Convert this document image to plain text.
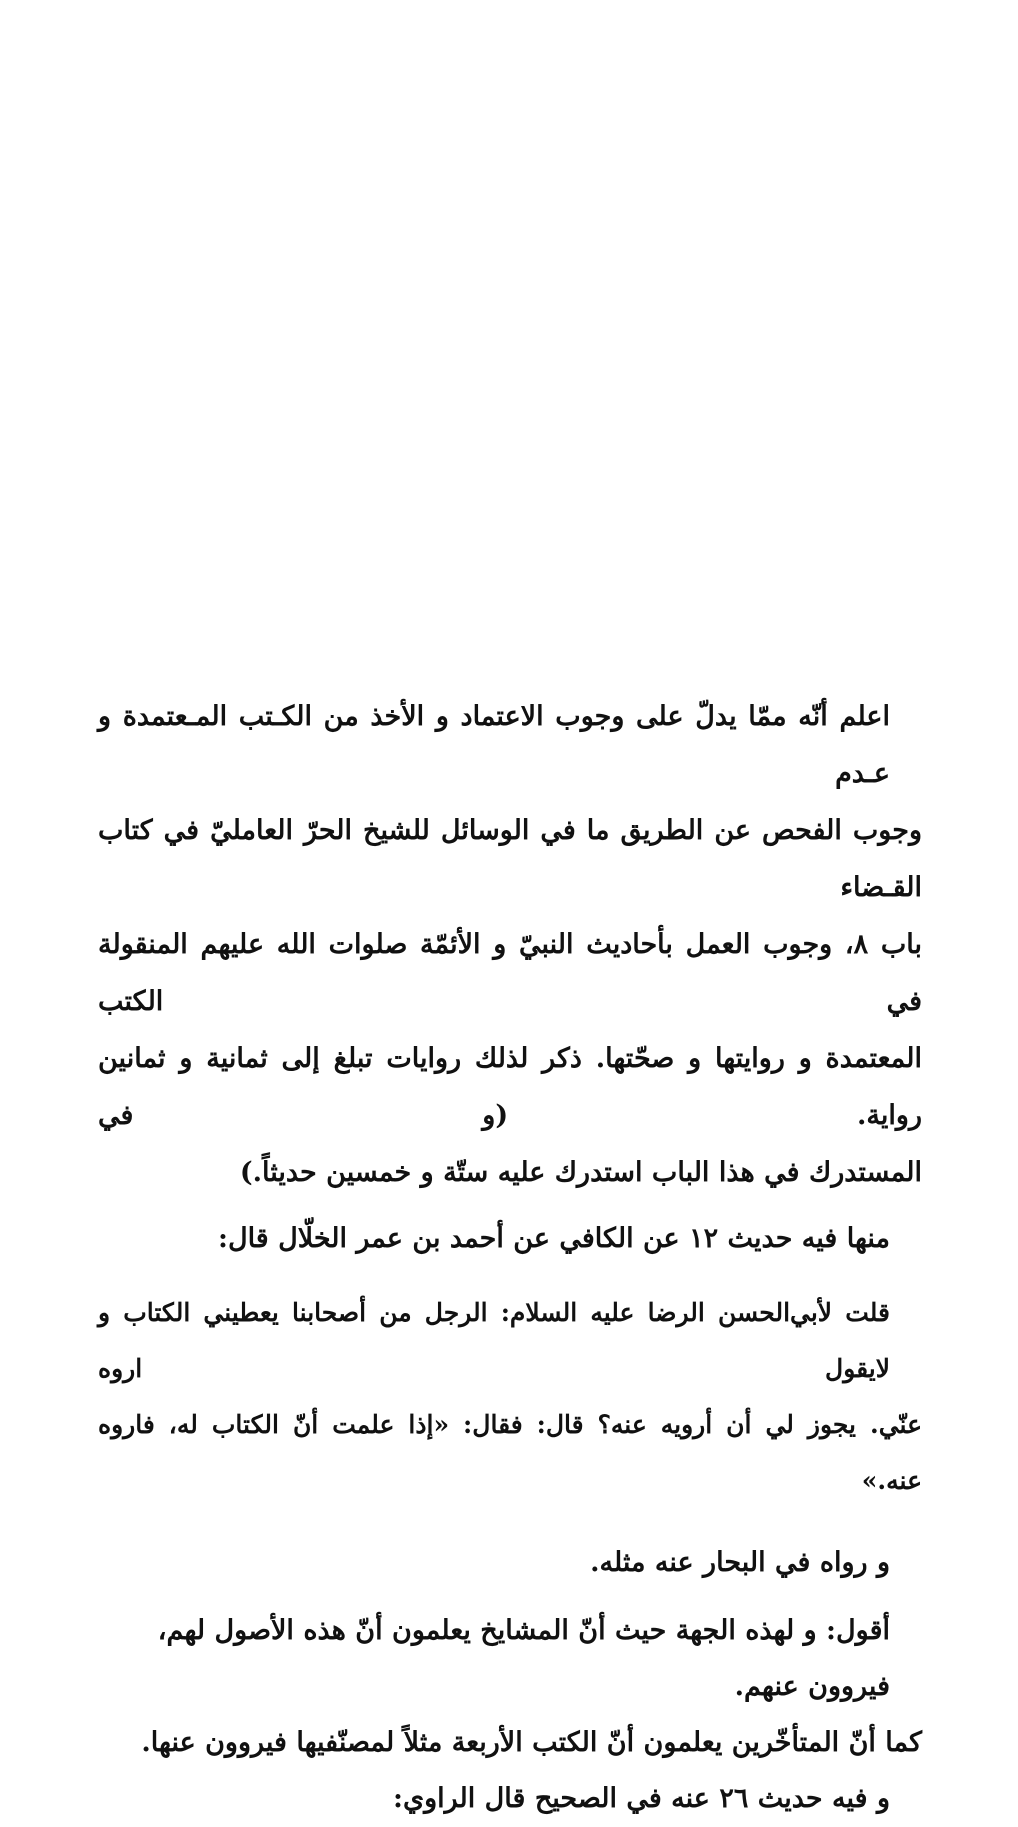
اعلم أنّه ممّا يدلّ على وجوب الاعتماد و الأخذ من الكـتب المـعتمدة و عـدم
وجوب الفحص عن الطريق ما في الوسائل للشيخ الحرّ العامليّ في كتاب القـضاء
باب ٨، وجوب العمل بأحاديث النبيّ و الأئمّة صلوات الله عليهم المنقولة في الكتب
المعتمدة و روايتها و صحّتها. ذكر لذلك روايات تبلغ إلى ثمانية و ثمانين رواية. (و في
المستدرك في هذا الباب استدرك عليه ستّة و خمسين حديثاً.)

منها فيه حديث ١٢ عن الكافي عن أحمد بن عمر الخلّال قال:

قلت لأبي‌الحسن الرضا عليه السلام: الرجل من أصحابنا يعطيني الكتاب و لايقول اروه
عنّي. يجوز لي أن أرويه عنه؟ قال: فقال: «إذا علمت أنّ الكتاب له، فاروه عنه.»

و رواه في البحار عنه مثله.

أقول: و لهذه الجهة حيث أنّ المشايخ يعلمون أنّ هذه الأصول لهم، فيروون عنهم.
كما أنّ المتأخّرين يعلمون أنّ الكتب الأربعة مثلاً لمصنّفيها فيروون عنها.

و فيه حديث ٢٦ عنه في الصحيح قال الراوي:
